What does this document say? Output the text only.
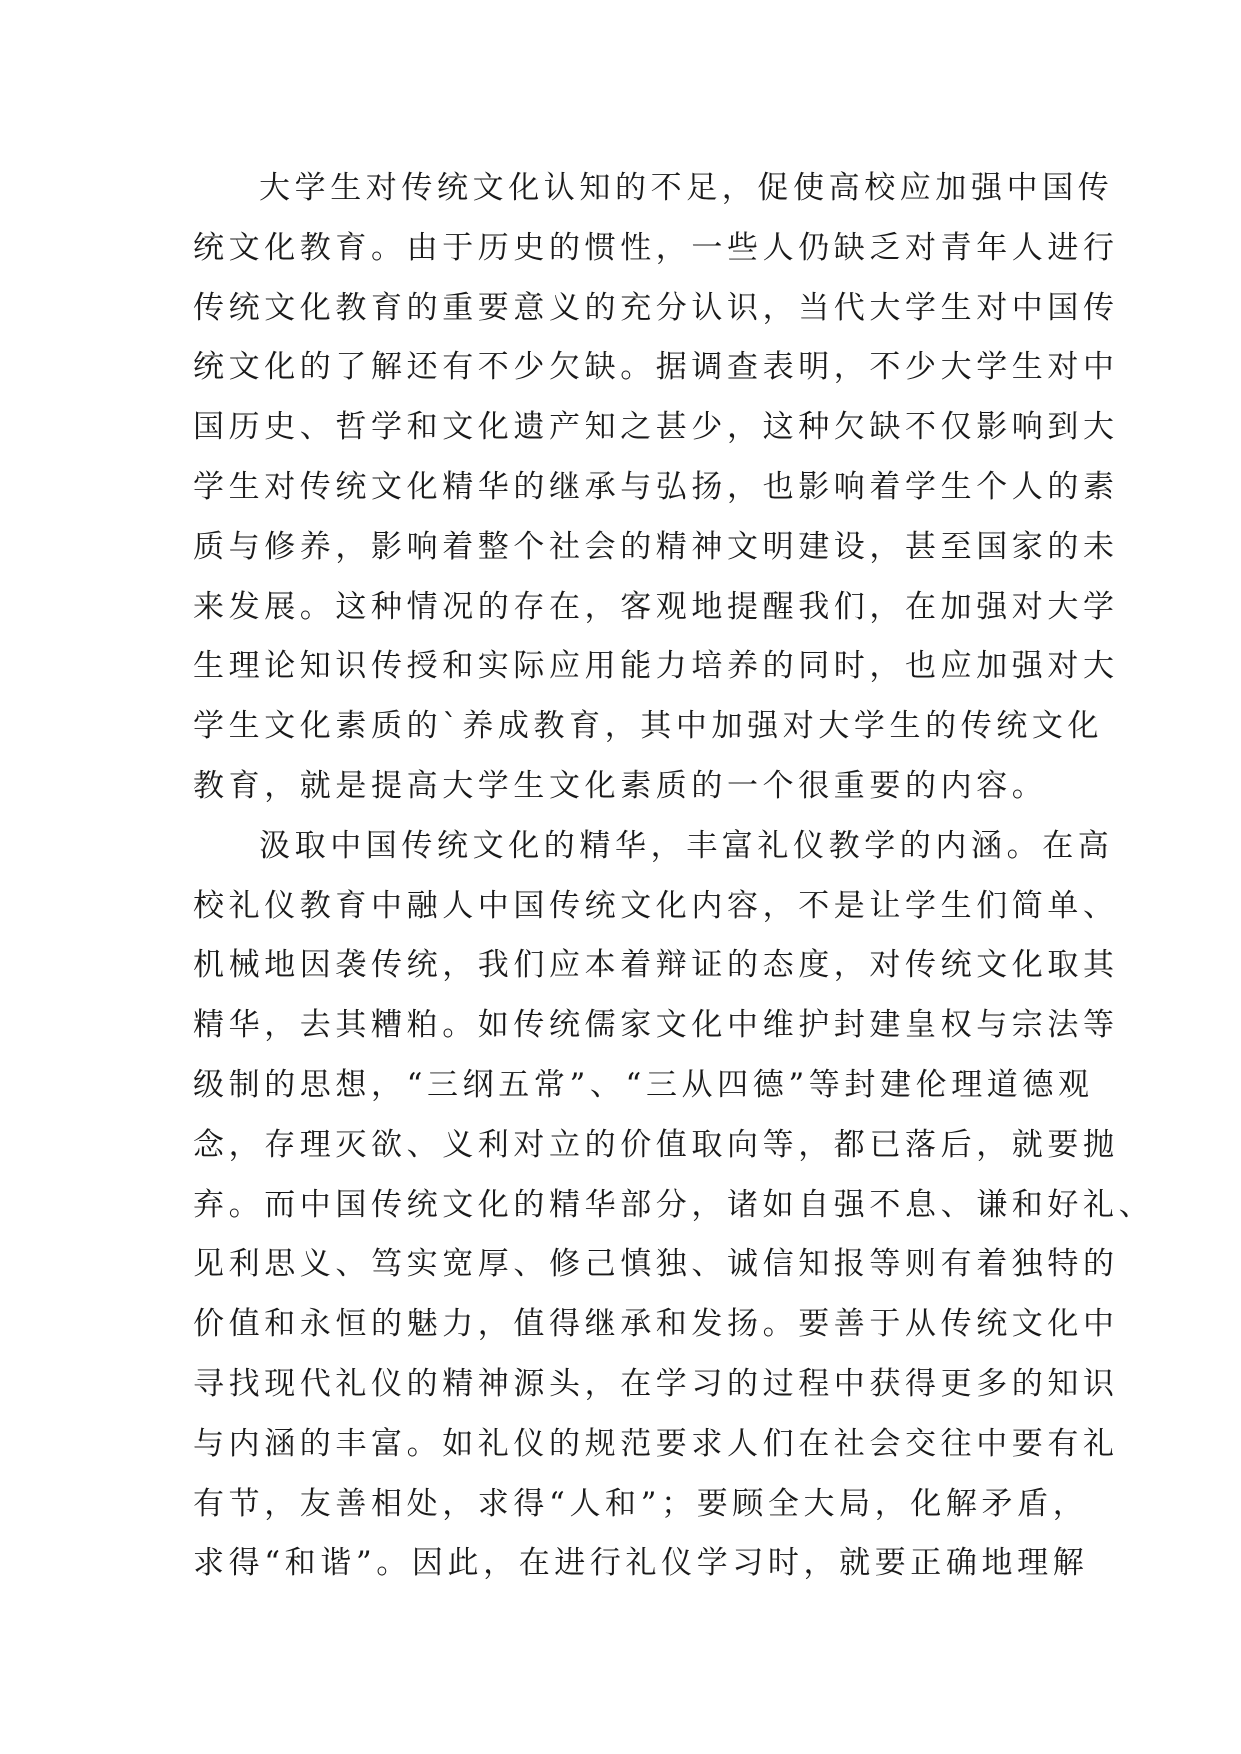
大学生对传统文化认知的不足，促使高校应加强中国传
统文化教育。由于历史的惯性，一些人仍缺乏对青年人进行
传统文化教育的重要意义的充分认识，当代大学生对中国传
统文化的了解还有不少欠缺。据调查表明，不少大学生对中
国历史、哲学和文化遗产知之甚少，这种欠缺不仅影响到大
学生对传统文化精华的继承与弘扬，也影响着学生个人的素
质与修养，影响着整个社会的精神文明建设，甚至国家的未
来发展。这种情况的存在，客观地提醒我们，在加强对大学
生理论知识传授和实际应用能力培养的同时，也应加强对大
学生文化素质的`养成教育，其中加强对大学生的传统文化
教育，就是提高大学生文化素质的一个很重要的内容。
汲取中国传统文化的精华，丰富礼仪教学的内涵。在高
校礼仪教育中融人中国传统文化内容，不是让学生们简单、
机械地因袭传统，我们应本着辩证的态度，对传统文化取其
精华，去其糟粕。如传统儒家文化中维护封建皇权与宗法等
级制的思想，“三纲五常”、“三从四德”等封建伦理道德观
念，存理灭欲、义利对立的价值取向等，都已落后，就要抛
弃。而中国传统文化的精华部分，诸如自强不息、谦和好礼、
见利思义、笃实宽厚、修己慎独、诚信知报等则有着独特的
价值和永恒的魅力，值得继承和发扬。要善于从传统文化中
寻找现代礼仪的精神源头，在学习的过程中获得更多的知识
与内涵的丰富。如礼仪的规范要求人们在社会交往中要有礼
有节，友善相处，求得“人和”；要顾全大局，化解矛盾，
求得“和谐”。因此，在进行礼仪学习时，就要正确地理解
